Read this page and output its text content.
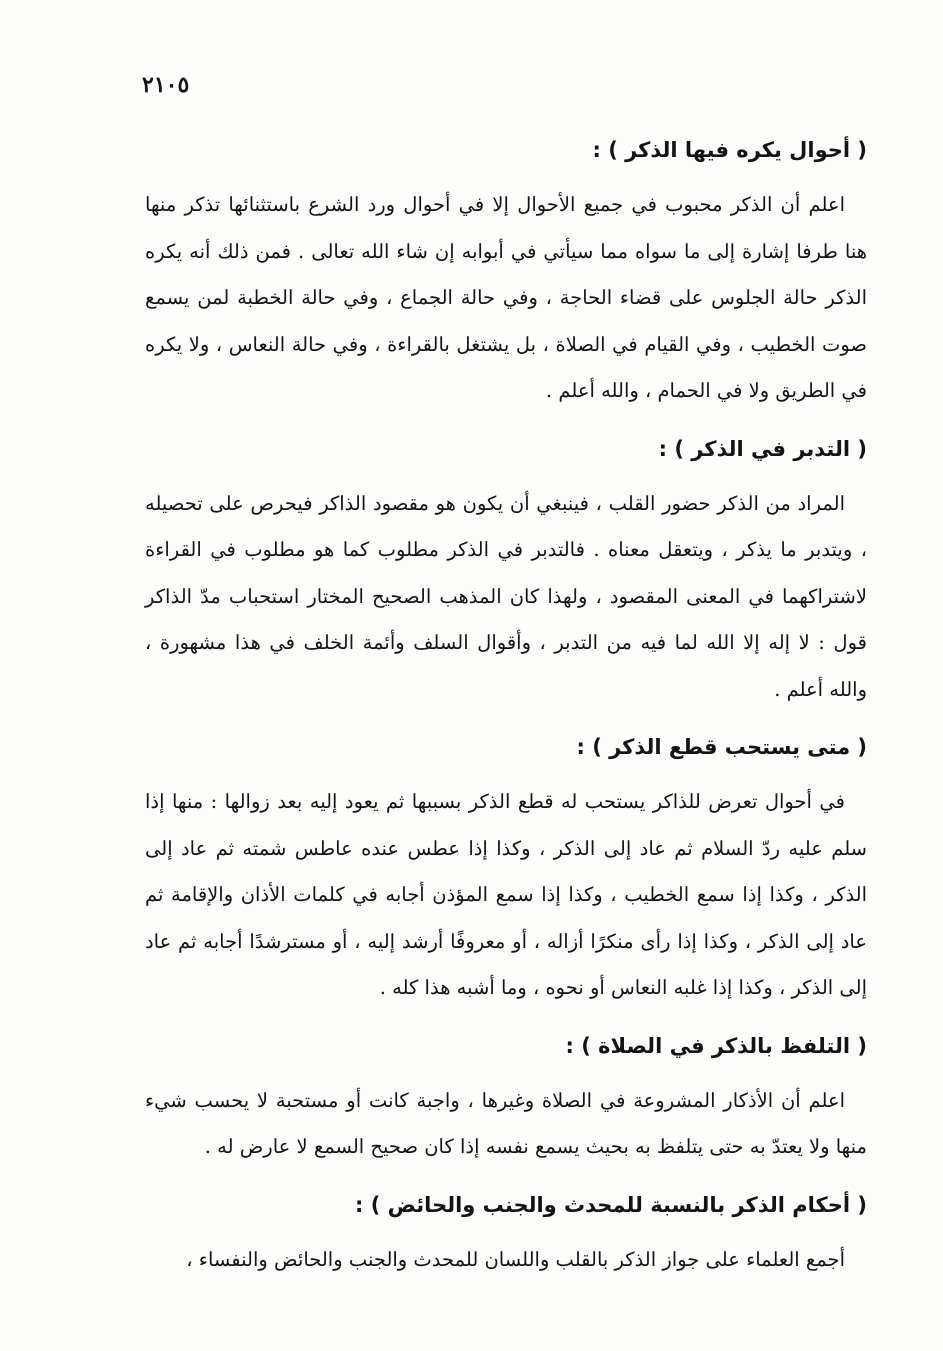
٢١٠٥
( أحوال يكره فيها الذكر ) :

اعلم أن الذكر محبوب في جميع الأحوال إلا في أحوال ورد الشرع باستثنائها تذكر منها هنا طرفا إشارة إلى ما سواه مما سيأتي في أبوابه إن شاء الله تعالى . فمن ذلك أنه يكره الذكر حالة الجلوس على قضاء الحاجة ، وفي حالة الجماع ، وفي حالة الخطبة لمن يسمع صوت الخطيب ، وفي القيام في الصلاة ، بل يشتغل بالقراءة ، وفي حالة النعاس ، ولا يكره في الطريق ولا في الحمام ، والله أعلم .

( التدبر في الذكر ) :

المراد من الذكر حضور القلب ، فينبغي أن يكون هو مقصود الذاكر فيحرص على تحصيله ، ويتدبر ما يذكر ، ويتعقل معناه . فالتدبر في الذكر مطلوب كما هو مطلوب في القراءة لاشتراكهما في المعنى المقصود ، ولهذا كان المذهب الصحيح المختار استحباب مدّ الذاكر قول : لا إله إلا الله لما فيه من التدبر ، وأقوال السلف وأئمة الخلف في هذا مشهورة ، والله أعلم .

( متى يستحب قطع الذكر ) :

في أحوال تعرض للذاكر يستحب له قطع الذكر بسببها ثم يعود إليه بعد زوالها : منها إذا سلم عليه ردّ السلام ثم عاد إلى الذكر ، وكذا إذا عطس عنده عاطس شمته ثم عاد إلى الذكر ، وكذا إذا سمع الخطيب ، وكذا إذا سمع المؤذن أجابه في كلمات الأذان والإقامة ثم عاد إلى الذكر ، وكذا إذا رأى منكرًا أزاله ، أو معروفًا أرشد إليه ، أو مسترشدًا أجابه ثم عاد إلى الذكر ، وكذا إذا غلبه النعاس أو نحوه ، وما أشبه هذا كله .

( التلفظ بالذكر في الصلاة ) :

اعلم أن الأذكار المشروعة في الصلاة وغيرها ، واجبة كانت أو مستحبة لا يحسب شيء منها ولا يعتدّ به حتى يتلفظ به بحيث يسمع نفسه إذا كان صحيح السمع لا عارض له .

( أحكام الذكر بالنسبة للمحدث والجنب والحائض ) :

أجمع العلماء على جواز الذكر بالقلب واللسان للمحدث والجنب والحائض والنفساء ،
